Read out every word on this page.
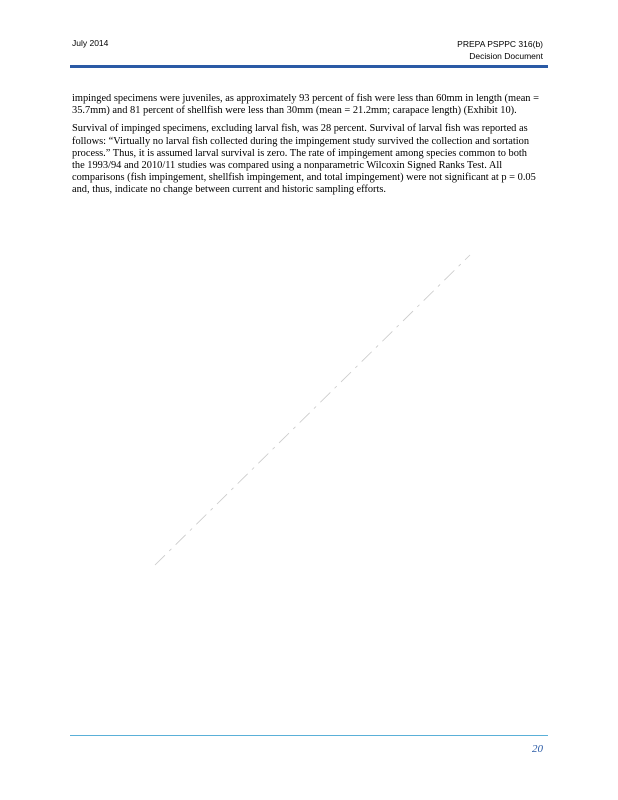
July 2014	PREPA PSPPC 316(b)
Decision Document

impinged specimens were juveniles, as approximately 93 percent of fish were less than 60mm in length (mean = 35.7mm) and 81 percent of shellfish were less than 30mm (mean = 21.2mm; carapace length) (Exhibit 10).

Survival of impinged specimens, excluding larval fish, was 28 percent. Survival of larval fish was reported as follows: “Virtually no larval fish collected during the impingement study survived the collection and sortation process.” Thus, it is assumed larval survival is zero. The rate of impingement among species common to both the 1993/94 and 2010/11 studies was compared using a nonparametric Wilcoxin Signed Ranks Test. All comparisons (fish impingement, shellfish impingement, and total impingement) were not significant at p = 0.05 and, thus, indicate no change between current and historic sampling efforts.

20
